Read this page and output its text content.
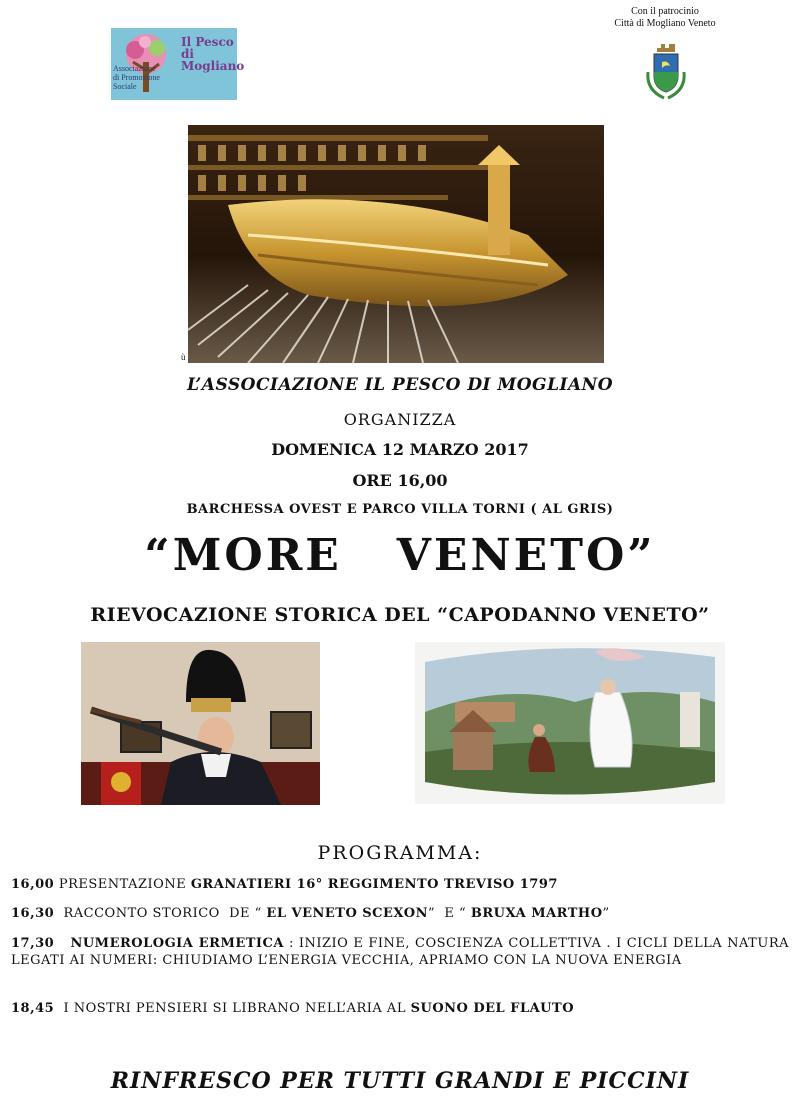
Il Pesco
di Mogliano
Associazione
di Promozione
Sociale
Con il patrocinio
Città di Mogliano Veneto
ù
L’ASSOCIAZIONE IL PESCO DI MOGLIANO
ORGANIZZA
DOMENICA 12 MARZO 2017
ORE 16,00
BARCHESSA OVEST E PARCO VILLA TORNI ( AL GRIS)
“MORE   VENETO”
RIEVOCAZIONE STORICA DEL “CAPODANNO VENETO”
PROGRAMMA:
16,00 PRESENTAZIONE GRANATIERI 16° REGGIMENTO TREVISO 1797
16,30  RACCONTO STORICO  DE “ EL VENETO SCEXON”  E “ BRUXA MARTHO”
17,30   NUMEROLOGIA ERMETICA : INIZIO E FINE, COSCIENZA COLLETTIVA . I CICLI DELLA NATURA LEGATI AI NUMERI: CHIUDIAMO L’ENERGIA VECCHIA, APRIAMO CON LA NUOVA ENERGIA
18,45  I NOSTRI PENSIERI SI LIBRANO NELL’ARIA AL SUONO DEL FLAUTO
RINFRESCO PER TUTTI GRANDI E PICCINI
